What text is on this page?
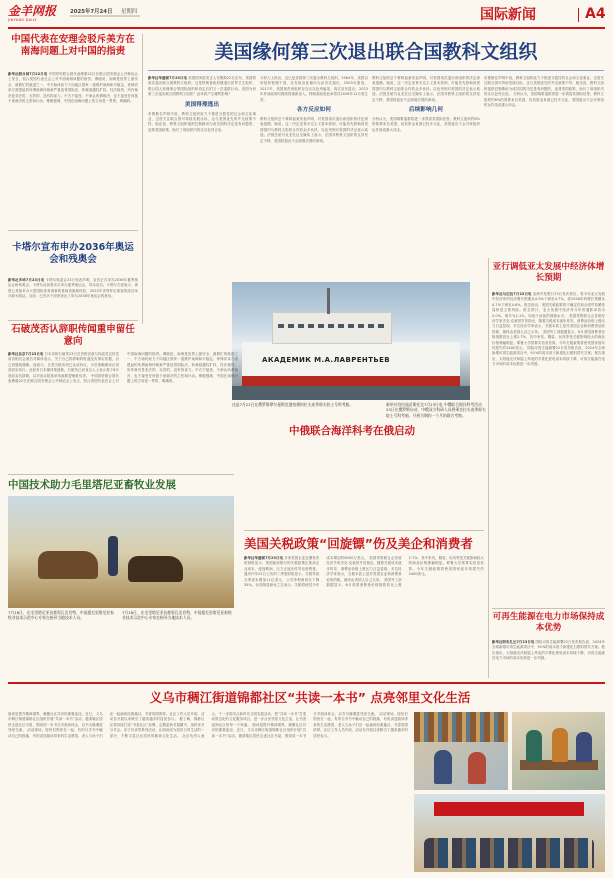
金羊网报
JINYANG DAILY
2025年7月24日 星期四	国际新闻	A4
中国代表在安理会驳斥美方在南海问题上对中国的指责
新华社联合国7月22日电 中国常驻联合国代表傅聪22日在联合国安理会公开辩论会上发言，驳斥美国代表在会上对中国南海问题的指责。傅聪说，南海是世界上最安全、最繁忙的航道之一，中方始终致力于同地区国家一道维护南海和平稳定。菲律宾单方面提起的所谓南海仲裁案严重违背国际法，仲裁庭越权扩权、枉法裁判，所作裁决是非法的、无效的，没有拘束力。中方不接受、不承认所谓裁决，也不接受任何基于该裁决的主张和行动。傅聪强调，中国在南海问题上的立场是一贯的、明确的。
卡塔尔宣布申办2036年奥运会和残奥会
新华社多哈7月23日电 卡塔尔奥委会23日发表声明，宣布正式申办2036年夏季奥运会和残奥会。卡塔尔此前曾多次申办夏季奥运会，均未成功。卡塔尔方面表示，该国已具备举办大型国际体育赛事的基础设施和经验，2022年世界杯足球赛的成功举办即为明证。目前，已有多个国家表达了申办2036年奥运会的意向。
美国缘何第三次退出联合国教科文组织
新华社华盛顿7月23日电 美国国务院发言人布鲁斯22日宣布，美国将再次退出联合国教科文组织。这是特朗普政府继退出世界卫生组织、联合国人权理事会等国际组织和协定后的又一次退群行动。美国为何第三次退出联合国教科文组织？此举将产生哪些影响？
美国得理逃出
布鲁斯在声明中说，教科文组织致力于推进分裂性的社会和文化事业，过度关注联合国可持续发展目标，这与美国优先的外交政策不符。她还说，教科文组织接纳巴勒斯坦为成员国的决定是有问题的，违背美国政策，助长了该组织内的反以色列言论。
分析人士指出，这已是美国第三次退出教科文组织。1984年，美国以该组织管理不善、存在政治化倾向为由首次退出，2003年重返。2017年，美国指责该组织存在反以色列偏见，再次宣布退出。2023年拜登政府时期美国重新加入。特朗普政府此举将在2026年12月底生效。
各方反应如何
教科文组织总干事阿祖莱发表声明，对美国再次退出该组织的决定深表遗憾。她说，这一决定违背多边主义基本原则，可能首先影响到美国国内与教科文组织合作的众多伙伴。以色列则对美国的决定表示欢迎。法国总统马克龙在社交媒体上表示，法国对教科文组织的支持坚定不移，美国的退出不会削弱法国的承诺。
教科文组织总干事阿祖莱发表声明，对美国再次退出该组织的决定深表遗憾。她说，这一决定违背多边主义基本原则，可能首先影响到美国国内与教科文组织合作的众多伙伴。以色列则对美国的决定表示欢迎。法国总统马克龙在社交媒体上表示，法国对教科文组织的支持坚定不移，美国的退出不会削弱法国的承诺。
后续影响几何
分析认为，美国频繁退群将进一步损害其国际信誉。教科文组织约8%的预算来自美国，但其资金来源已经多元化，美国退出不会对该组织运作造成重大冲击。
布鲁斯在声明中说，教科文组织致力于推进分裂性的社会和文化事业，过度关注联合国可持续发展目标，这与美国优先的外交政策不符。她还说，教科文组织接纳巴勒斯坦为成员国的决定是有问题的，违背美国政策，助长了该组织内的反以色列言论。 分析认为，美国频繁退群将进一步损害其国际信誉。教科文组织约8%的预算来自美国，但其资金来源已经多元化，美国退出不会对该组织运作造成重大冲击。
АКАДЕМИК М.А.ЛАВРЕНТЬЕВ
这是7月22日在俄罗斯摩尔曼斯克港拍摄的拉夫连季耶夫院士号科考船。
中俄联合海洋科考在俄启动
新华社符拉迪沃斯托克7月23日电 中俄联合海洋科考活动23日在俄罗斯启动，中俄双方科研人员将乘坐拉夫连季耶夫院士号科考船，开展为期约一个月的联合考察。
亚行调低亚太发展中经济体增长预期
新华社马尼拉7月23日电 亚洲开发银行23日发布报告，将今年亚太发展中经济体的经济增长预期从4.9%下调至4.7%，将2026年的增长预期从4.7%下调至4.6%。报告指出，美国关税政策的不确定性和全球贸易紧张局势是主要风险。报告预计，亚太发展中经济体今年的通胀率将为2.0%，明年为2.1%，均低于此前的预测水平。 美国零售联合会首席经济学家杰克·克莱因亨茨指出，随着关税成本逐步传导，消费品价格上涨压力日益显现。多位经济学家表示，关税本质上是对美国企业和消费者征收的税，最终由美国人自己买单。 美国劳工部数据显示，6月美国消费者价格指数同比上涨2.7%，其中家具、服装、玩具等受关税影响较大的商品价格涨幅明显。耶鲁大学预算实验室估算，今年关税政策将使美国家庭年均损失约2400美元。 国际可再生能源署22日发布报告说，2024年全球新增可再生能源项目中，91%的成本低于新建化石燃料替代方案。报告指出，太阳能光伏和陆上风电的平准化度电成本持续下降，可再生能源在电力市场的成本优势进一步巩固。
可再生能源在电力市场保持成本优势
新华社阿布扎比7月23日电 国际可再生能源署22日发布报告说，2024年全球新增可再生能源项目中，91%的成本低于新建化石燃料替代方案。报告指出，太阳能光伏和陆上风电的平准化度电成本持续下降，可再生能源在电力市场的成本优势进一步巩固。
石破茂否认辞职传闻重申留任意向
新华社东京7月23日电 日本首相石破茂23日在首相官邸与执政党自民党前首相们会面后对媒体表示，关于自己将辞职的报道没有事实依据，自己将继续履职。他表示，日美关税谈判已达成协议，今后需确保协议得到切实执行。此前有日本媒体报道称，石破茂已向身边人士表示将于8月底前宣布辞职，以对参议院选举执政联盟惨败负责。 中国常驻联合国代表傅聪22日在联合国安理会公开辩论会上发言，驳斥美国代表在会上对中国南海问题的指责。傅聪说，南海是世界上最安全、最繁忙的航道之一，中方始终致力于同地区国家一道维护南海和平稳定。菲律宾单方面提起的所谓南海仲裁案严重违背国际法，仲裁庭越权扩权、枉法裁判，所作裁决是非法的、无效的，没有拘束力。中方不接受、不承认所谓裁决，也不接受任何基于该裁决的主张和行动。傅聪强调，中国在南海问题上的立场是一贯的、明确的。
中国技术助力毛里塔尼亚畜牧业发展
7月18日，在毛里塔尼亚首都努瓦克肖特，中国援毛里塔尼亚畜牧业技术示范中心专家在指导当地技术人员。
7月18日，在毛里塔尼亚首都努瓦克肖特，中国援毛里塔尼亚畜牧业技术示范中心专家在指导当地技术人员。
美国关税政策“回旋镖”伤及美企和消费者
新华社华盛顿7月23日电 多家美国企业近期发布的财报显示，美国政府推行的关税政策正推高企业成本、侵蚀利润，压力正逐步传导至消费者。通用汽车22日公布的二季度财报显示，关税导致当季成本增加11亿美元，公司净利润同比下降35%。玩具制造商孩之宝表示，关税将使其今年成本增加约6000万美元。 美国零售联合会首席经济学家杰克·克莱因亨茨指出，随着关税成本逐步传导，消费品价格上涨压力日益显现。多位经济学家表示，关税本质上是对美国企业和消费者征收的税，最终由美国人自己买单。 美国劳工部数据显示，6月美国消费者价格指数同比上涨2.7%，其中家具、服装、玩具等受关税影响较大的商品价格涨幅明显。耶鲁大学预算实验室估算，今年关税政策将使美国家庭年均损失约2400美元。
义乌市稠江街道锦都社区“共读一本书” 点亮邻里文化生活
阅读是提升精神境界、凝聚社区共识的重要途径。近日，义乌市稠江街道锦都社区组织开展“共读一本书”活动，邀请辖区居民走进社区书屋，围绕同一本书分享阅读体会，以书为媒增进邻里交流。 活动现场，居民们围坐在一起，有的分享书中触动自己的段落，有的讲述阅读带来的生活感悟，老人与孩子们还一起诵读经典篇目，书香氛围浓厚。社区工作人员介绍，活动自开展以来吸引了越来越多的居民参与。 据了解，锦都社区将持续打造“书香社区”品牌，定期更新书屋藏书，组织读书分享会、亲子共读等系列活动，让阅读成为居民日常生活的一部分，不断丰富社区居民的精神文化生活。 社区负责人表示，下一步将结合新时代文明实践活动，把“共读一本书”打造成常态化的文化服务项目，进一步点亮邻里文化生活，让书香浸润社区的每一个角落。 阅读是提升精神境界、凝聚社区共识的重要途径。近日，义乌市稠江街道锦都社区组织开展“共读一本书”活动，邀请辖区居民走进社区书屋，围绕同一本书分享阅读体会，以书为媒增进邻里交流。 活动现场，居民们围坐在一起，有的分享书中触动自己的段落，有的讲述阅读带来的生活感悟，老人与孩子们还一起诵读经典篇目，书香氛围浓厚。社区工作人员介绍，活动自开展以来吸引了越来越多的居民参与。
